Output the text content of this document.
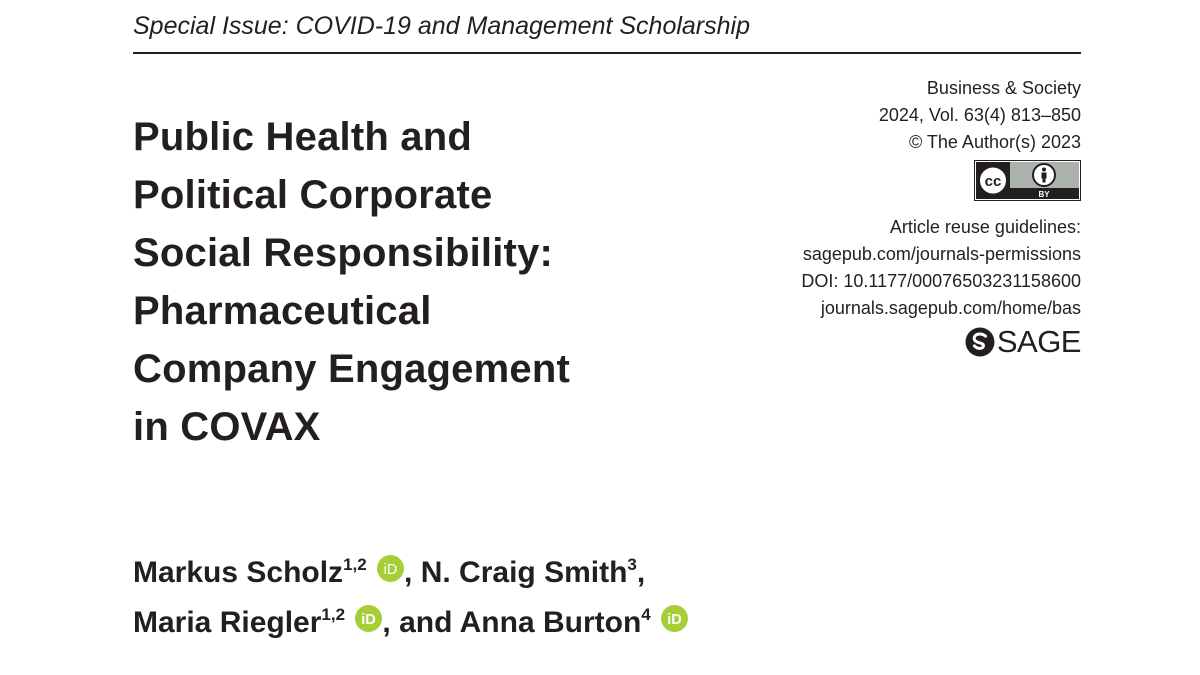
Special Issue: COVID-19 and Management Scholarship
Public Health and
Political Corporate
Social Responsibility:
Pharmaceutical
Company Engagement
in COVAX
Business & Society
2024, Vol. 63(4) 813–850
© The Author(s) 2023
cc
BY
Article reuse guidelines:
sagepub.com/journals-permissions
DOI: 10.1177/00076503231158600
journals.sagepub.com/home/bas
SAGE
Markus Scholz$^{1,2}$ iD , N. Craig Smith$^3$,
Maria Riegler$^{1,2}$ iD , and Anna Burton$^4$ iD
